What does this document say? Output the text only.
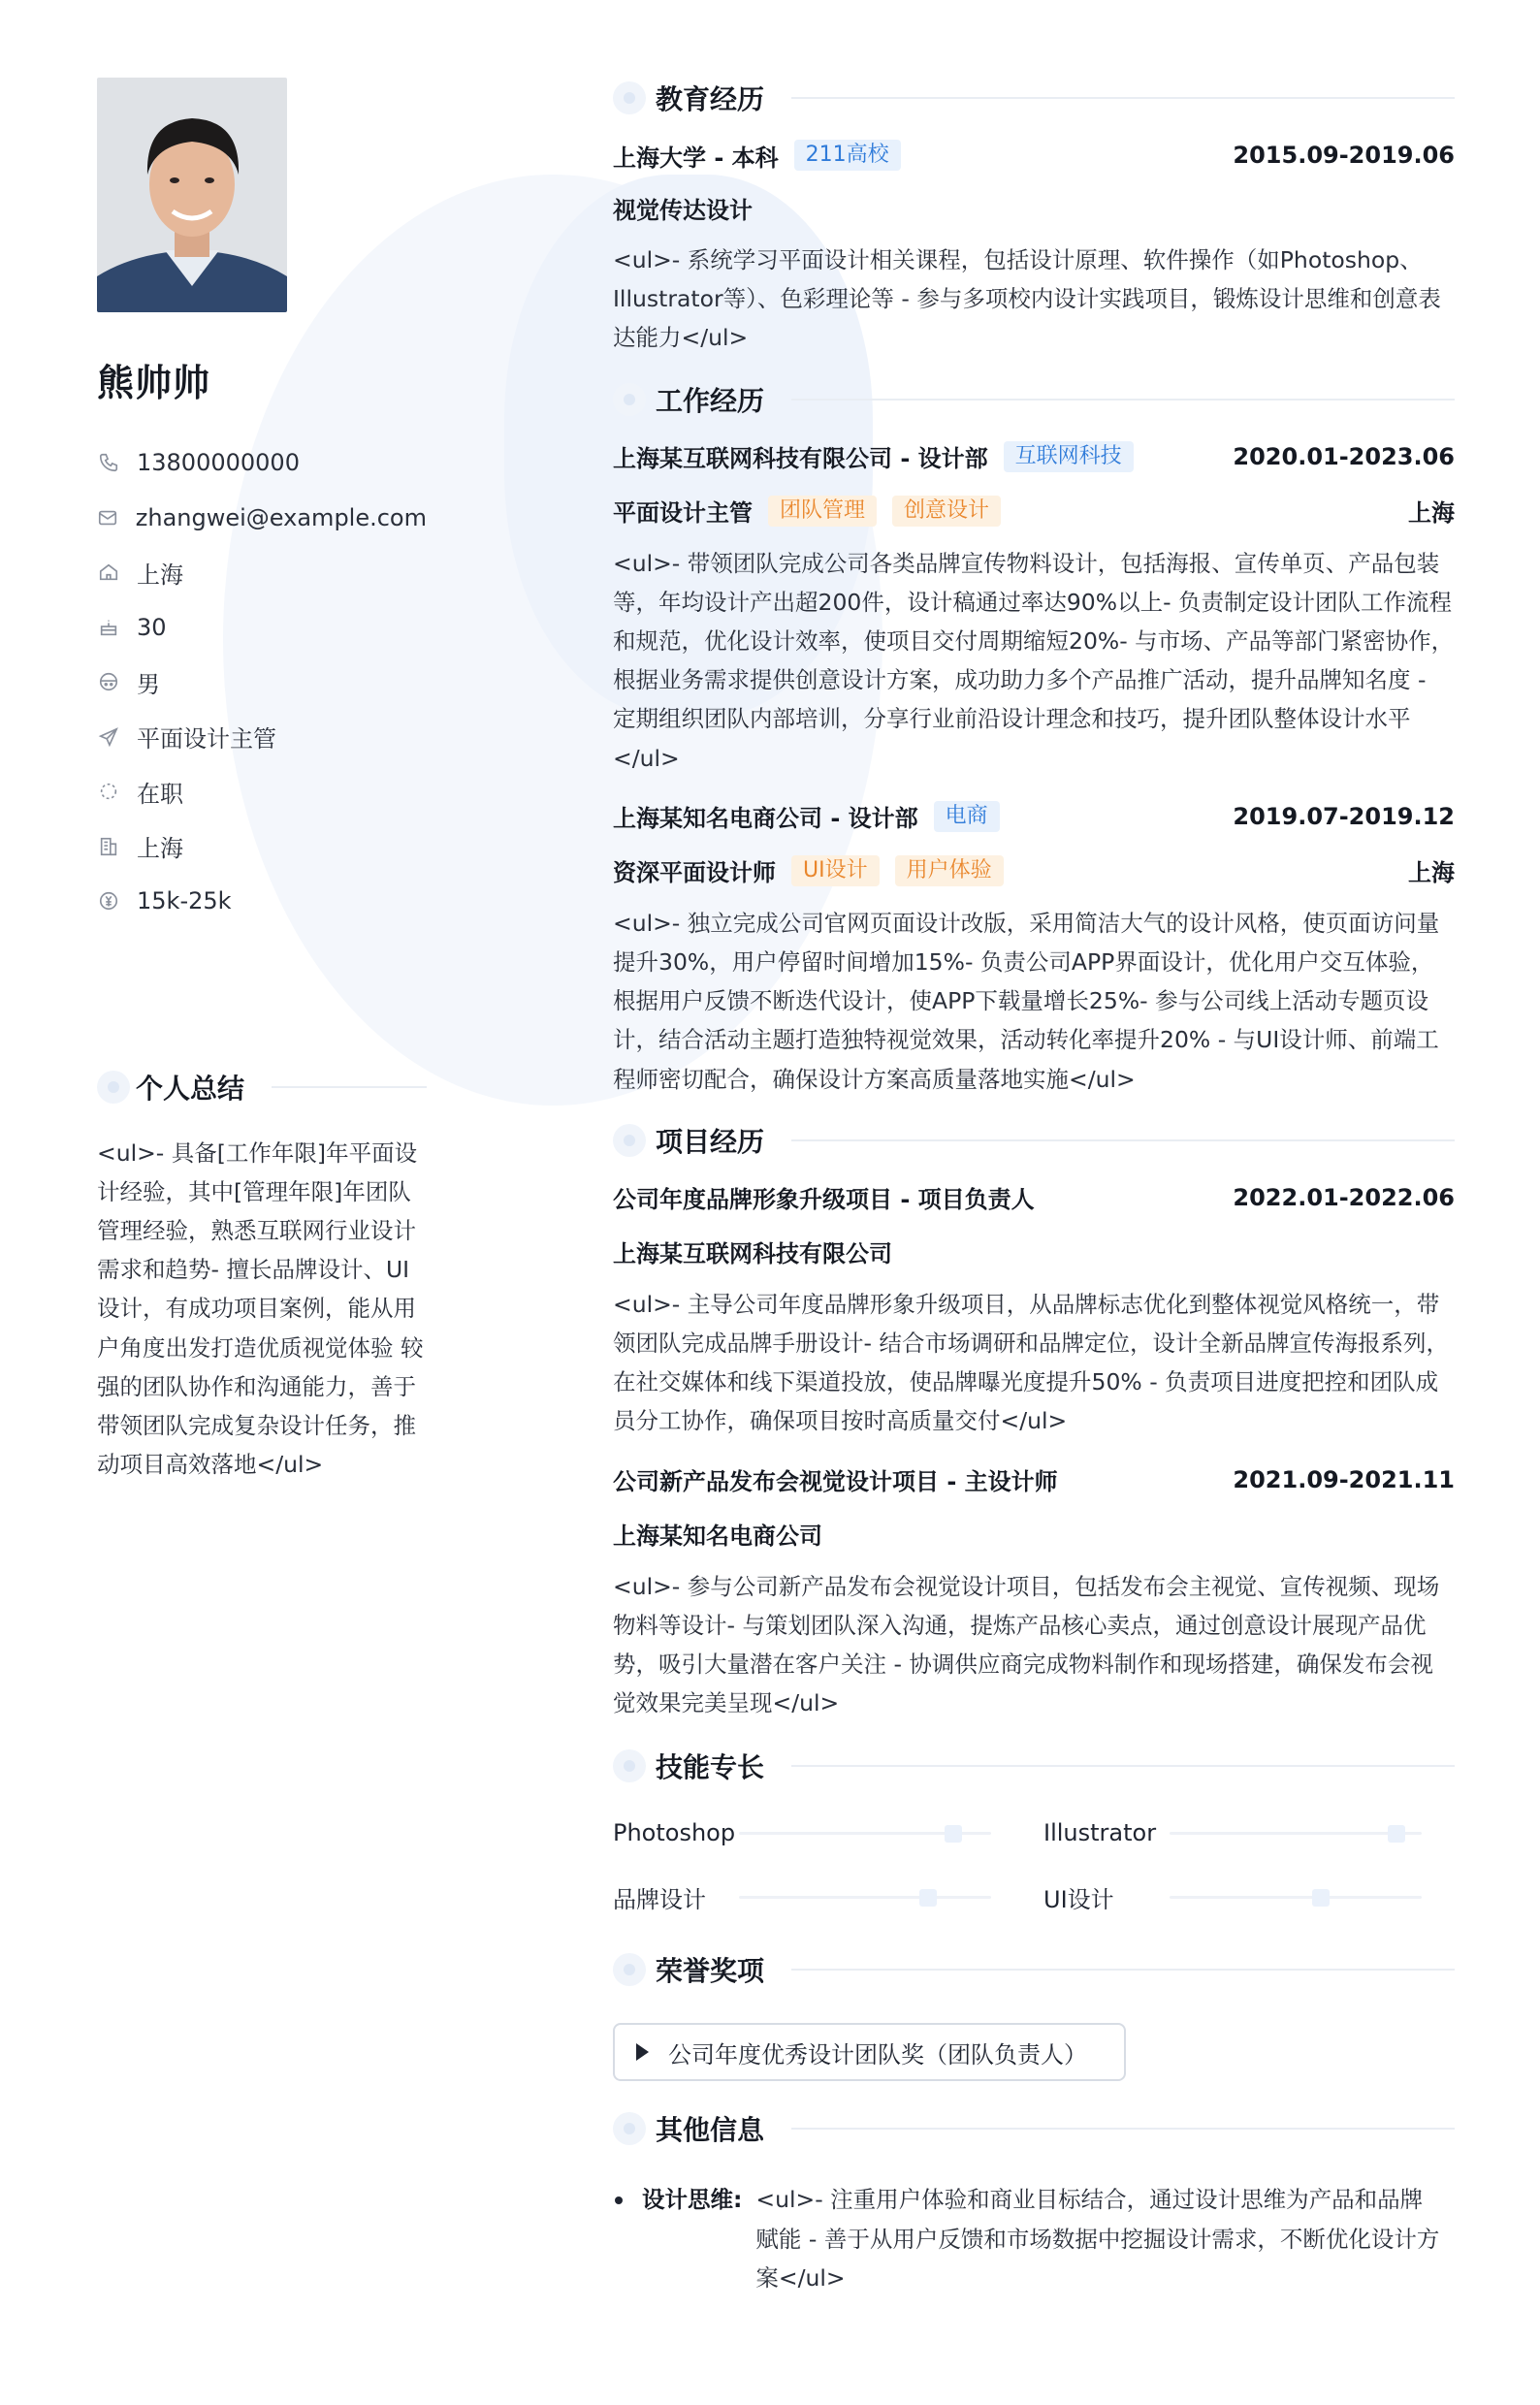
熊帅帅
13800000000
zhangwei@example.com
上海
30
男
平面设计主管
在职
上海
15k-25k
个人总结
<ul>- 具备[工作年限]年平面设计经验，其中[管理年限]年团队管理经验，熟悉互联网行业设计需求和趋势- 擅长品牌设计、UI设计，有成功项目案例，能从用户角度出发打造优质视觉体验 较强的团队协作和沟通能力，善于带领团队完成复杂设计任务，推动项目高效落地</ul>
教育经历
上海大学 - 本科	211高校	2015.09-2019.06
视觉传达设计
<ul>- 系统学习平面设计相关课程，包括设计原理、软件操作（如Photoshop、Illustrator等）、色彩理论等 - 参与多项校内设计实践项目，锻炼设计思维和创意表达能力</ul>
工作经历
上海某互联网科技有限公司 - 设计部	互联网科技	2020.01-2023.06
平面设计主管	团队管理	创意设计	上海
<ul>- 带领团队完成公司各类品牌宣传物料设计，包括海报、宣传单页、产品包装等，年均设计产出超200件，设计稿通过率达90%以上- 负责制定设计团队工作流程和规范，优化设计效率，使项目交付周期缩短20%- 与市场、产品等部门紧密协作，根据业务需求提供创意设计方案，成功助力多个产品推广活动，提升品牌知名度 - 定期组织团队内部培训，分享行业前沿设计理念和技巧，提升团队整体设计水平</ul>
上海某知名电商公司 - 设计部	电商	2019.07-2019.12
资深平面设计师	UI设计	用户体验	上海
<ul>- 独立完成公司官网页面设计改版，采用简洁大气的设计风格，使页面访问量提升30%，用户停留时间增加15%- 负责公司APP界面设计，优化用户交互体验，根据用户反馈不断迭代设计，使APP下载量增长25%- 参与公司线上活动专题页设计，结合活动主题打造独特视觉效果，活动转化率提升20% - 与UI设计师、前端工程师密切配合，确保设计方案高质量落地实施</ul>
项目经历
公司年度品牌形象升级项目 - 项目负责人	2022.01-2022.06
上海某互联网科技有限公司
<ul>- 主导公司年度品牌形象升级项目，从品牌标志优化到整体视觉风格统一，带领团队完成品牌手册设计- 结合市场调研和品牌定位，设计全新品牌宣传海报系列，在社交媒体和线下渠道投放，使品牌曝光度提升50% - 负责项目进度把控和团队成员分工协作，确保项目按时高质量交付</ul>
公司新产品发布会视觉设计项目 - 主设计师	2021.09-2021.11
上海某知名电商公司
<ul>- 参与公司新产品发布会视觉设计项目，包括发布会主视觉、宣传视频、现场物料等设计- 与策划团队深入沟通，提炼产品核心卖点，通过创意设计展现产品优势，吸引大量潜在客户关注 - 协调供应商完成物料制作和现场搭建，确保发布会视觉效果完美呈现</ul>
技能专长
Photoshop	Illustrator
品牌设计	UI设计
荣誉奖项
公司年度优秀设计团队奖（团队负责人）
其他信息
设计思维: <ul>- 注重用户体验和商业目标结合，通过设计思维为产品和品牌赋能 - 善于从用户反馈和市场数据中挖掘设计需求，不断优化设计方案</ul>
